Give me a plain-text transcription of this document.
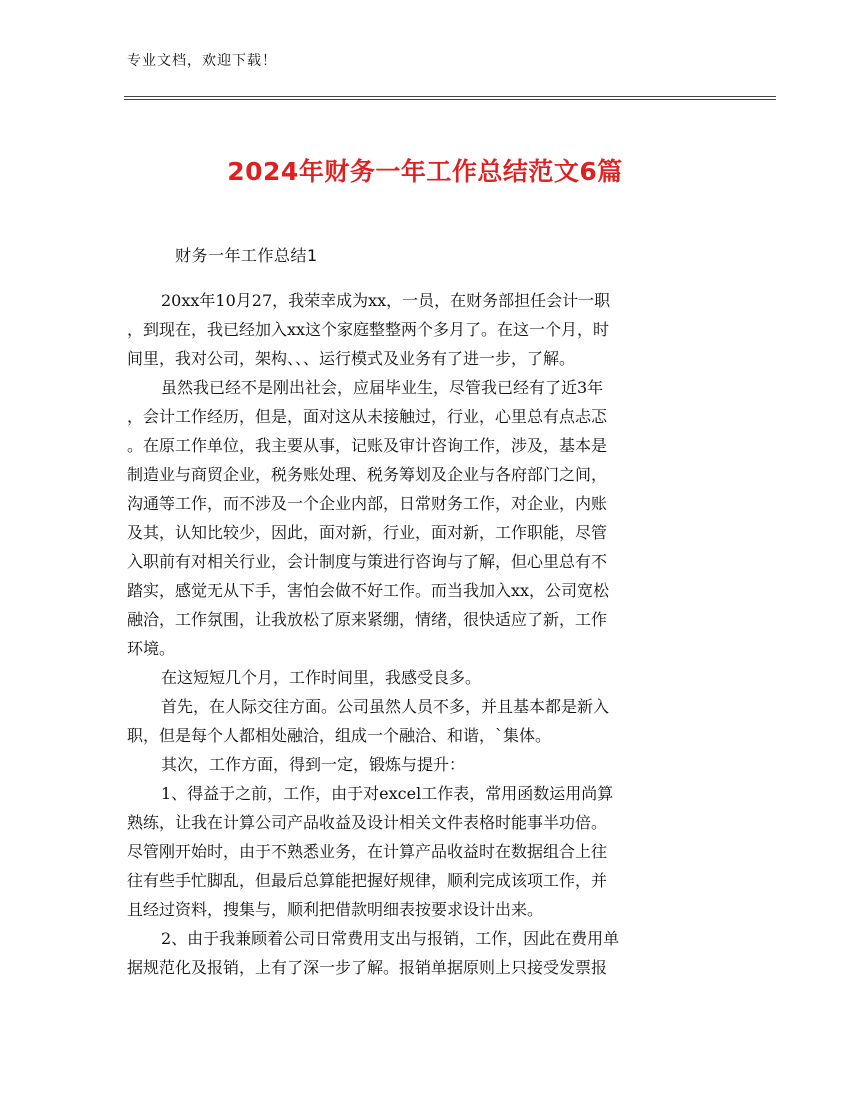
专业文档，欢迎下载！
2024年财务一年工作总结范文6篇
财务一年工作总结1
20xx年10月27，我荣幸成为xx，一员，在财务部担任会计一职
，到现在，我已经加入xx这个家庭整整两个多月了。在这一个月，时
间里，我对公司，架构、、、运行模式及业务有了进一步，了解。
虽然我已经不是刚出社会，应届毕业生，尽管我已经有了近3年
，会计工作经历，但是，面对这从未接触过，行业，心里总有点忐忑
。在原工作单位，我主要从事，记账及审计咨询工作，涉及，基本是
制造业与商贸企业，税务账处理、税务筹划及企业与各府部门之间，
沟通等工作，而不涉及一个企业内部，日常财务工作，对企业，内账
及其，认知比较少，因此，面对新，行业，面对新，工作职能，尽管
入职前有对相关行业，会计制度与策进行咨询与了解，但心里总有不
踏实，感觉无从下手，害怕会做不好工作。而当我加入xx，公司宽松
融洽，工作氛围，让我放松了原来紧绷，情绪，很快适应了新，工作
环境。
在这短短几个月，工作时间里，我感受良多。
首先，在人际交往方面。公司虽然人员不多，并且基本都是新入
职，但是每个人都相处融洽，组成一个融洽、和谐，`集体。
其次，工作方面，得到一定，锻炼与提升：
1、得益于之前，工作，由于对excel工作表，常用函数运用尚算
熟练，让我在计算公司产品收益及设计相关文件表格时能事半功倍。
尽管刚开始时，由于不熟悉业务，在计算产品收益时在数据组合上往
往有些手忙脚乱，但最后总算能把握好规律，顺利完成该项工作，并
且经过资料，搜集与，顺利把借款明细表按要求设计出来。
2、由于我兼顾着公司日常费用支出与报销，工作，因此在费用单
据规范化及报销，上有了深一步了解。报销单据原则上只接受发票报
